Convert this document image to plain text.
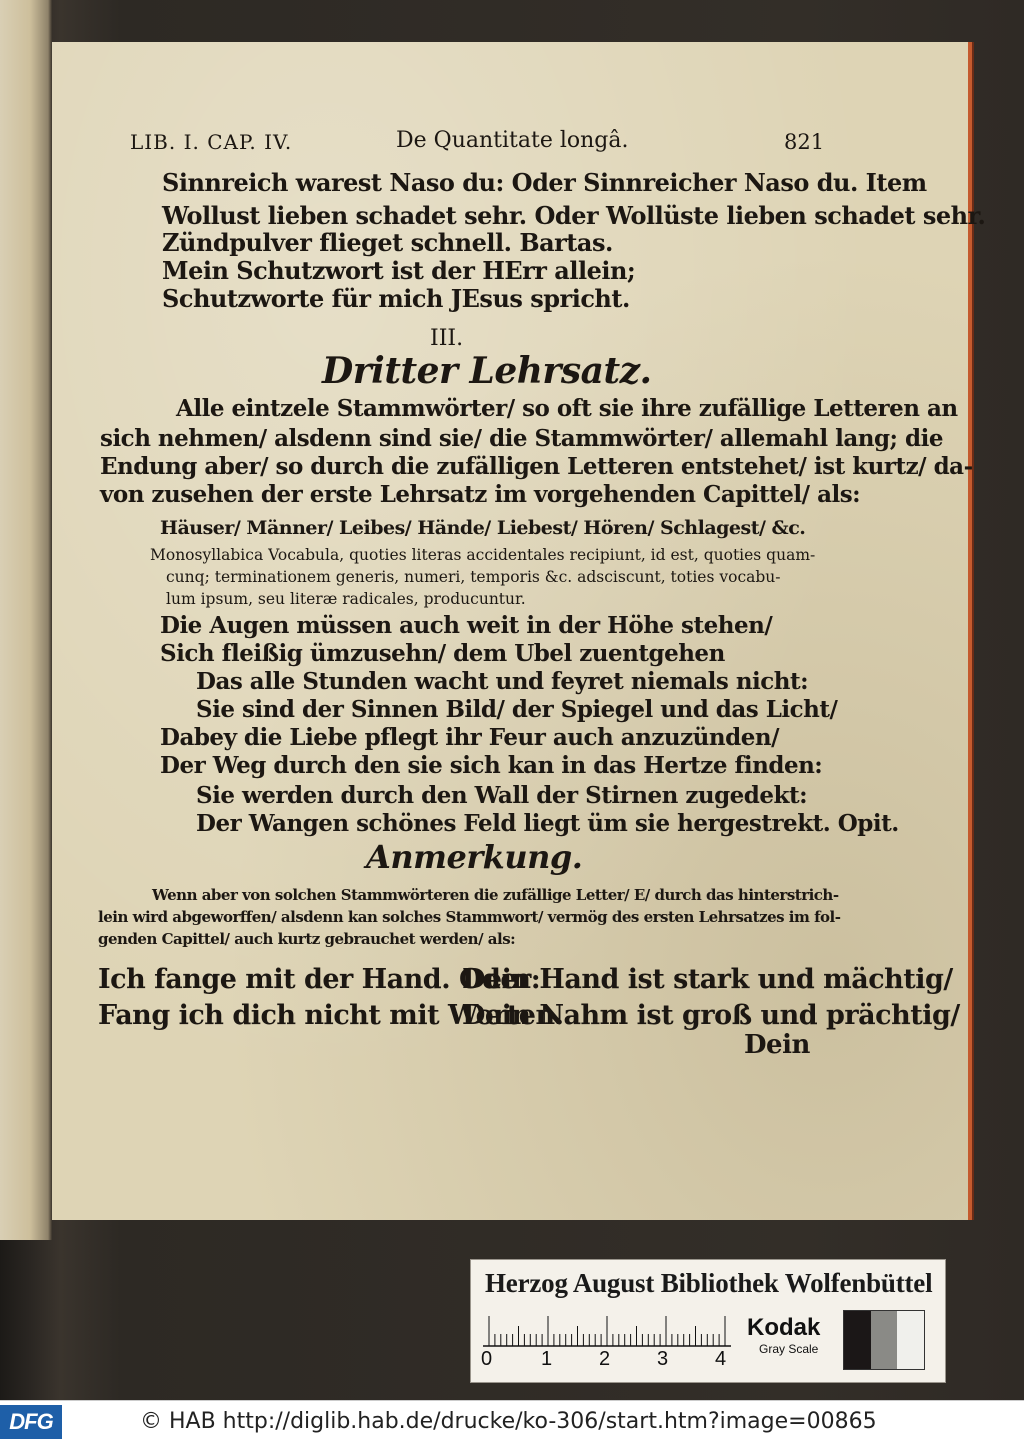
LIB. I. CAP. IV.	De Quantitate longâ.	821
Sinnreich warest Naso du: Oder Sinnreicher Naso du. Item
Wollust lieben schadet sehr. Oder Wollüste lieben schadet sehr.
Zündpulver flieget schnell. Bartas.
Mein Schutzwort ist der HErr allein;
Schutzworte für mich JEsus spricht.
III.
Dritter Lehrsatz.
Alle eintzele Stammwörter/ so oft sie ihre zufällige Letteren an
sich nehmen/ alsdenn sind sie/ die Stammwörter/ allemahl lang; die
Endung aber/ so durch die zufälligen Letteren entstehet/ ist kurtz/ da-
von zusehen der erste Lehrsatz im vorgehenden Capittel/ als:
Häuser/ Männer/ Leibes/ Hände/ Liebest/ Hören/ Schlagest/ &c.
Monosyllabica Vocabula, quoties literas accidentales recipiunt, id est, quoties quam-
cunq; terminationem generis, numeri, temporis &c. adsciscunt, toties vocabu-
lum ipsum, seu literæ radicales, producuntur.
Die Augen müssen auch weit in der Höhe stehen/
Sich fleißig ümzusehn/ dem Ubel zuentgehen
Das alle Stunden wacht und feyret niemals nicht:
Sie sind der Sinnen Bild/ der Spiegel und das Licht/
Dabey die Liebe pflegt ihr Feur auch anzuzünden/
Der Weg durch den sie sich kan in das Hertze finden:
Sie werden durch den Wall der Stirnen zugedekt:
Der Wangen schönes Feld liegt üm sie hergestrekt. Opit.
Anmerkung.
Wenn aber von solchen Stammwörteren die zufällige Letter/ E/ durch das hinterstrich-
lein wird abgeworffen/ alsdenn kan solches Stammwort/ vermög des ersten Lehrsatzes im fol-
genden Capittel/ auch kurtz gebrauchet werden/ als:
Ich fange mit der Hand. Oder:
Dein Hand ist stark und mächtig/
Fang ich dich nicht mit Worten.
Dein Nahm ist groß und prächtig/
Dein
Herzog August Bibliothek Wolfenbüttel
0 1 2 3 4
Kodak
Gray Scale
DFG	© HAB http://diglib.hab.de/drucke/ko-306/start.htm?image=00865
